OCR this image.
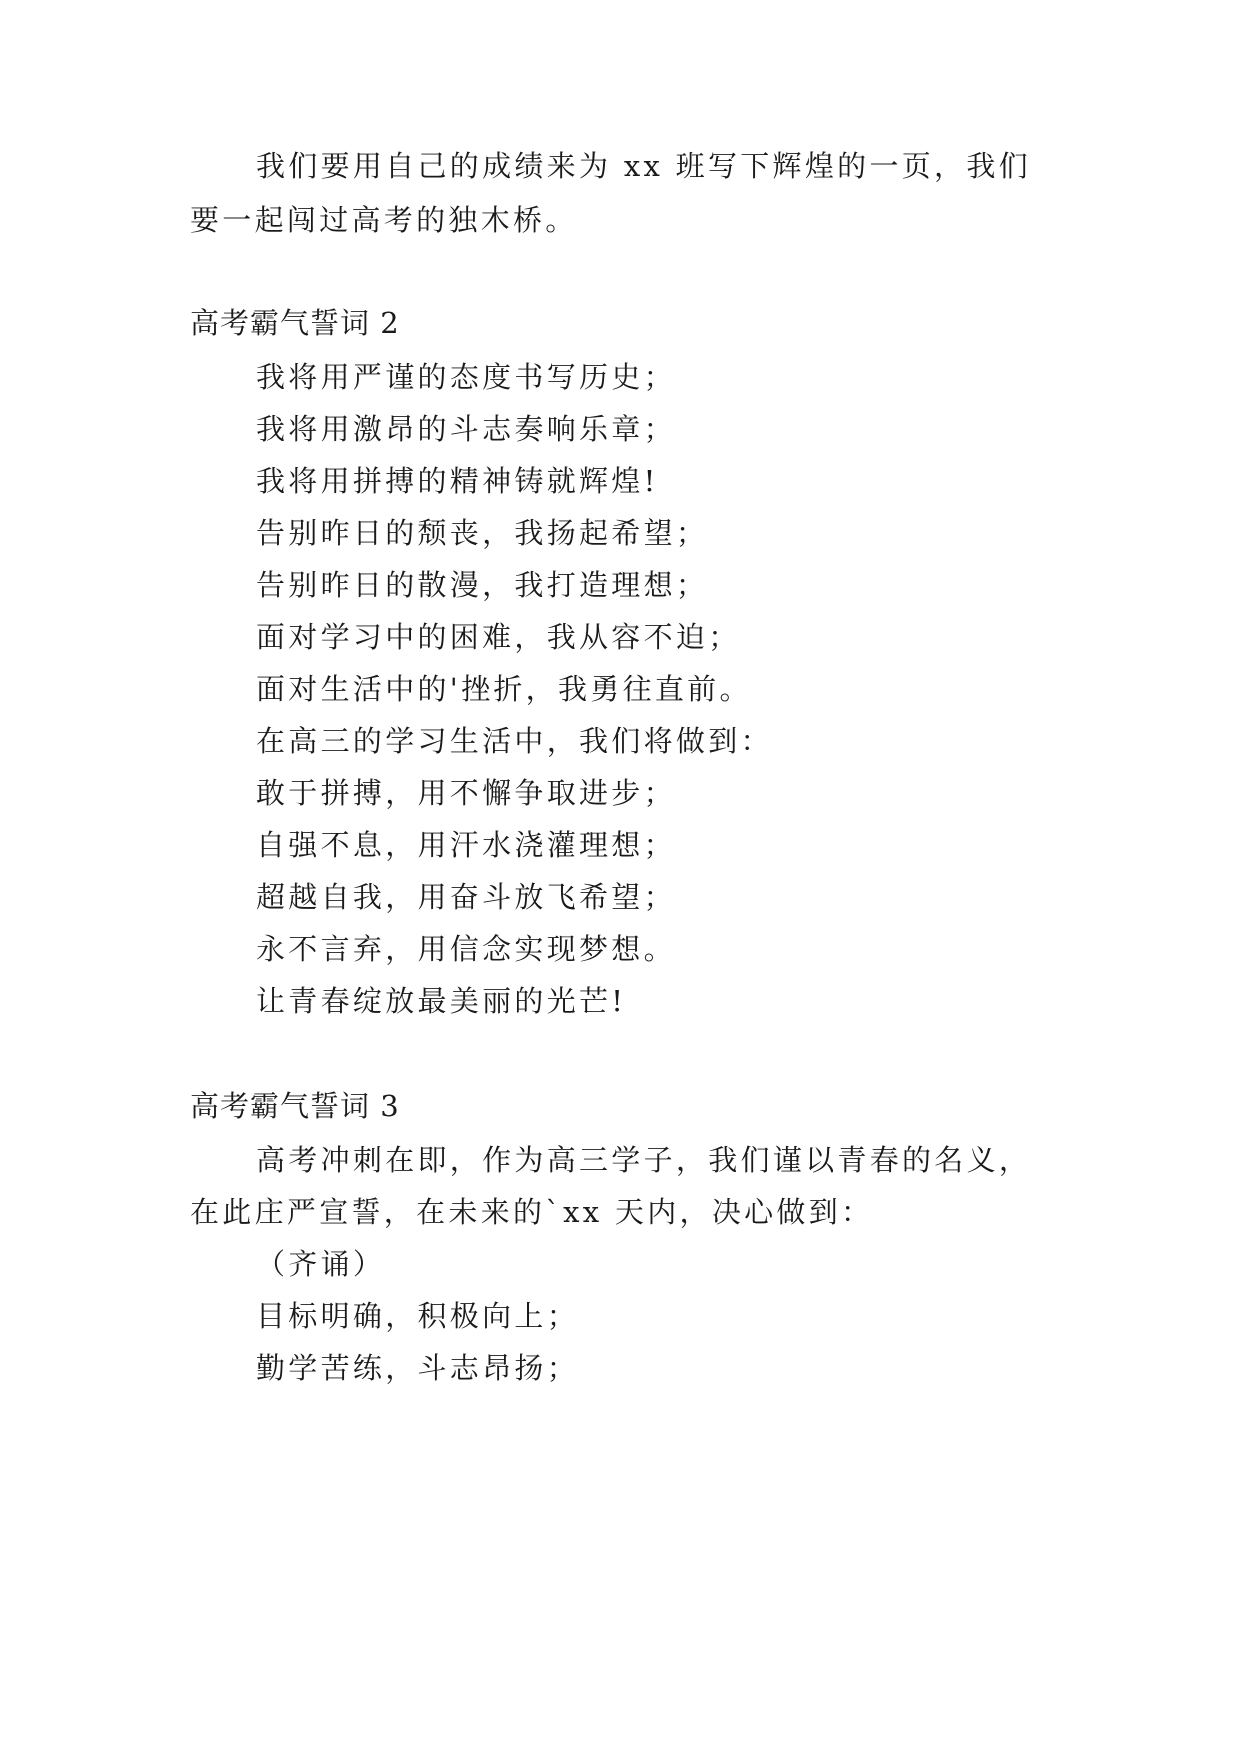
我们要用自己的成绩来为 xx 班写下辉煌的一页，我们
要一起闯过高考的独木桥。
高考霸气誓词 2
我将用严谨的态度书写历史；
我将用激昂的斗志奏响乐章；
我将用拼搏的精神铸就辉煌!
告别昨日的颓丧，我扬起希望；
告别昨日的散漫，我打造理想；
面对学习中的困难，我从容不迫；
面对生活中的'挫折，我勇往直前。
在高三的学习生活中，我们将做到：
敢于拼搏，用不懈争取进步；
自强不息，用汗水浇灌理想；
超越自我，用奋斗放飞希望；
永不言弃，用信念实现梦想。
让青春绽放最美丽的光芒!
高考霸气誓词 3
高考冲刺在即，作为高三学子，我们谨以青春的名义，
在此庄严宣誓，在未来的`xx 天内，决心做到：
（齐诵）
目标明确，积极向上；
勤学苦练，斗志昂扬；
